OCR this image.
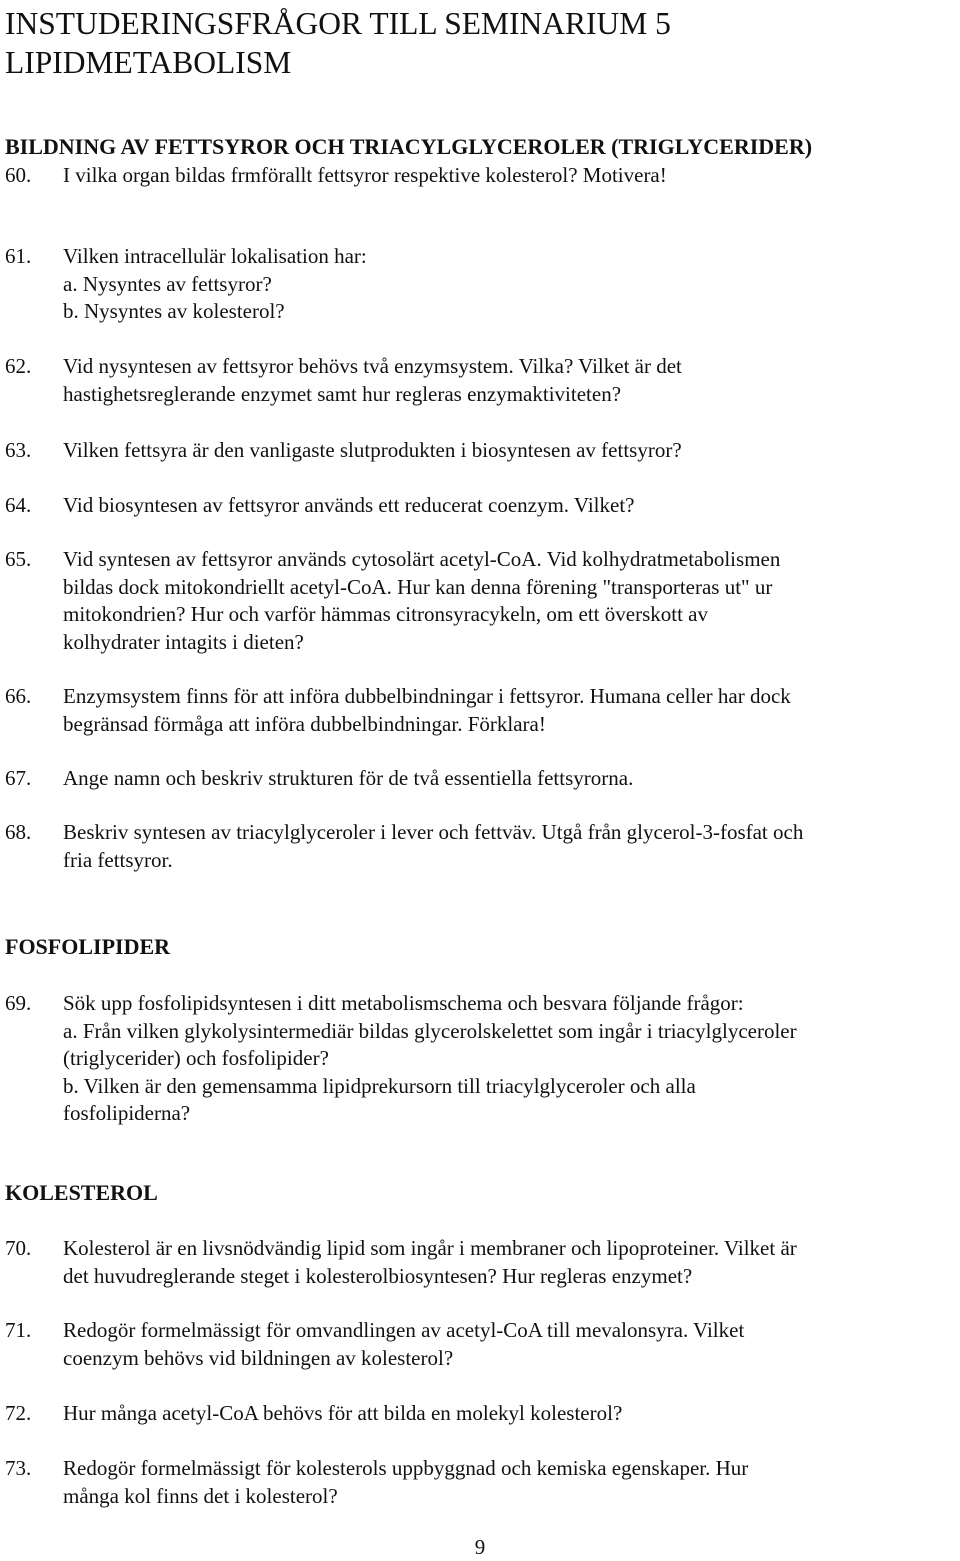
INSTUDERINGSFRÅGOR TILL SEMINARIUM 5
LIPIDMETABOLISM
BILDNING AV FETTSYROR OCH TRIACYLGLYCEROLER (TRIGLYCERIDER)
60. I vilka organ bildas frmförallt fettsyror respektive kolesterol? Motivera!
61. Vilken intracellulär lokalisation har:
a. Nysyntes av fettsyror?
b. Nysyntes av kolesterol?
62. Vid nysyntesen av fettsyror behövs två enzymsystem. Vilka? Vilket är det
hastighetsreglerande enzymet samt hur regleras enzymaktiviteten?
63. Vilken fettsyra är den vanligaste slutprodukten i biosyntesen av fettsyror?
64. Vid biosyntesen av fettsyror används ett reducerat coenzym. Vilket?
65. Vid syntesen av fettsyror används cytosolärt acetyl-CoA. Vid kolhydratmetabolismen
bildas dock mitokondriellt acetyl-CoA. Hur kan denna förening "transporteras ut" ur
mitokondrien? Hur och varför hämmas citronsyracykeln, om ett överskott av
kolhydrater intagits i dieten?
66. Enzymsystem finns för att införa dubbelbindningar i fettsyror. Humana celler har dock
begränsad förmåga att införa dubbelbindningar. Förklara!
67. Ange namn och beskriv strukturen för de två essentiella fettsyrorna.
68. Beskriv syntesen av triacylglyceroler i lever och fettväv. Utgå från glycerol-3-fosfat och
fria fettsyror.
FOSFOLIPIDER
69. Sök upp fosfolipidsyntesen i ditt metabolismschema och besvara följande frågor:
a. Från vilken glykolysintermediär bildas glycerolskelettet som ingår i triacylglyceroler
(triglycerider) och fosfolipider?
b. Vilken är den gemensamma lipidprekursorn till triacylglyceroler och alla
fosfolipiderna?
KOLESTEROL
70. Kolesterol är en livsnödvändig lipid som ingår i membraner och lipoproteiner. Vilket är
det huvudreglerande steget i kolesterolbiosyntesen? Hur regleras enzymet?
71. Redogör formelmässigt för omvandlingen av acetyl-CoA till mevalonsyra. Vilket
coenzym behövs vid bildningen av kolesterol?
72. Hur många acetyl-CoA behövs för att bilda en molekyl kolesterol?
73. Redogör formelmässigt för kolesterols uppbyggnad och kemiska egenskaper. Hur
många kol finns det i kolesterol?
9
